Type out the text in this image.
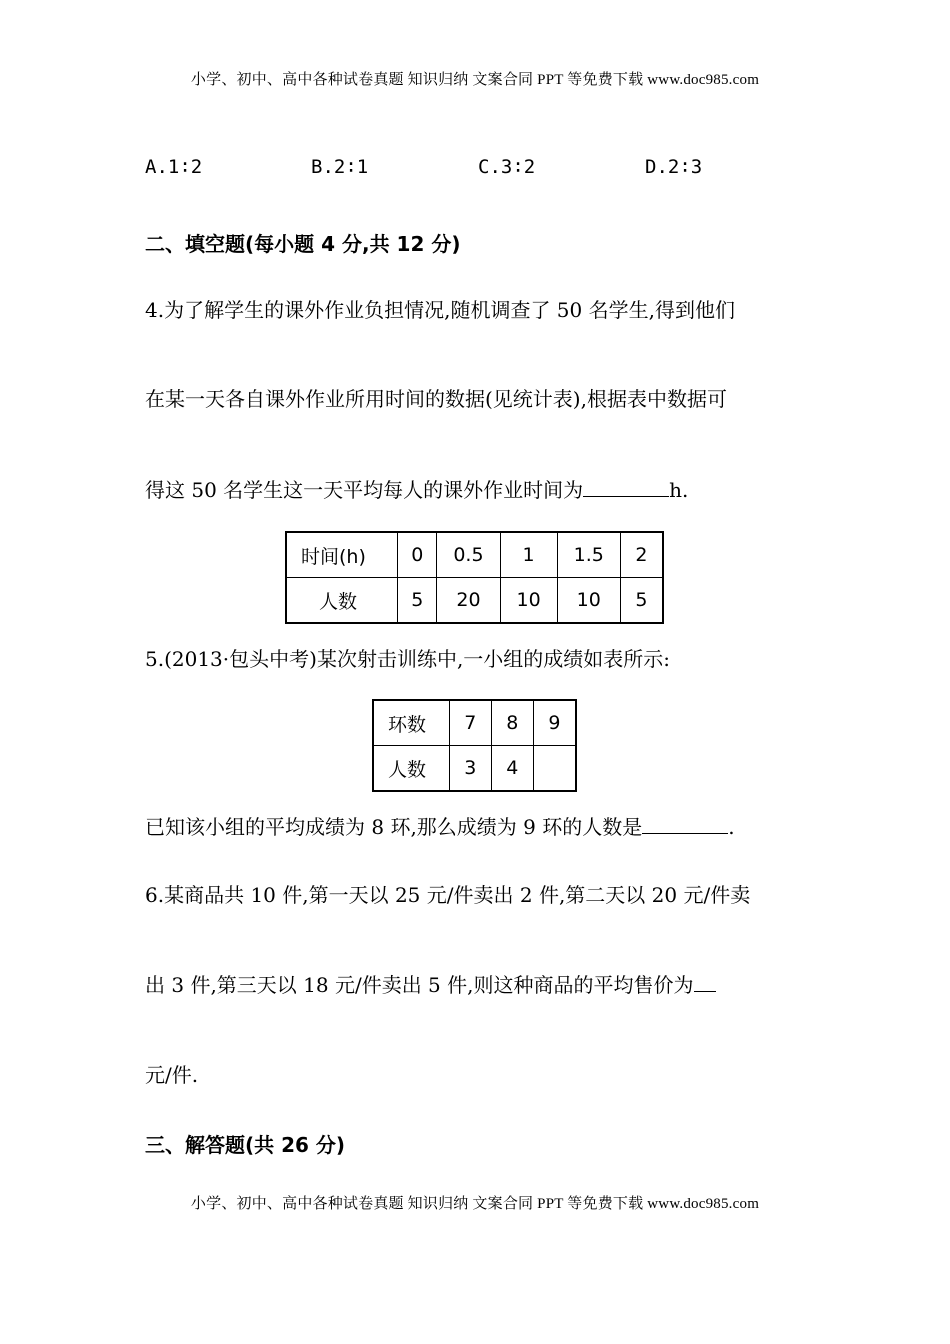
小学、初中、高中各种试卷真题 知识归纳 文案合同 PPT 等免费下载 www.doc985.com
A.1∶2	B.2∶1	C.3∶2	D.2∶3
二、填空题(每小题 4 分,共 12 分)
4.为了解学生的课外作业负担情况,随机调查了 50 名学生,得到他们
在某一天各自课外作业所用时间的数据(见统计表),根据表中数据可
得这 50 名学生这一天平均每人的课外作业时间为	h.
时间(h)	0	0.5	1	1.5	2
人数	5	20	10	10	5
5.(2013·包头中考)某次射击训练中,一小组的成绩如表所示:
环数	7	8	9
人数	3	4	
已知该小组的平均成绩为 8 环,那么成绩为 9 环的人数是	.
6.某商品共 10 件,第一天以 25 元/件卖出 2 件,第二天以 20 元/件卖
出 3 件,第三天以 18 元/件卖出 5 件,则这种商品的平均售价为
元/件.
三、解答题(共 26 分)
小学、初中、高中各种试卷真题 知识归纳 文案合同 PPT 等免费下载 www.doc985.com
